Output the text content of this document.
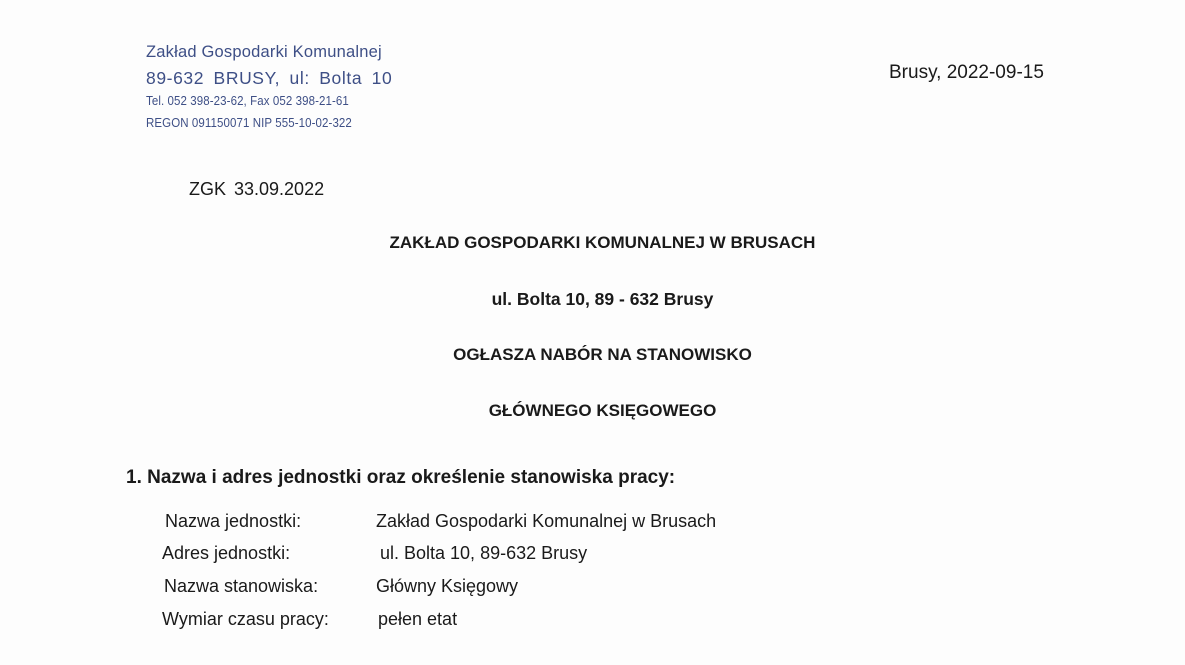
Zakład Gospodarki Komunalnej
89-632 BRUSY, ul: Bolta 10
Tel. 052 398-23-62, Fax 052 398-21-61
REGON 091150071 NIP 555-10-02-322
Brusy, 2022-09-15
ZGK 33.09.2022
ZAKŁAD GOSPODARKI KOMUNALNEJ W BRUSACH
ul. Bolta 10, 89 - 632 Brusy
OGŁASZA NABÓR NA STANOWISKO
GŁÓWNEGO KSIĘGOWEGO
1. Nazwa i adres jednostki oraz określenie stanowiska pracy:
Nazwa jednostki:	Zakład Gospodarki Komunalnej w Brusach
Adres jednostki:	ul. Bolta 10, 89-632 Brusy
Nazwa stanowiska:	Główny Księgowy
Wymiar czasu pracy:	pełen etat
